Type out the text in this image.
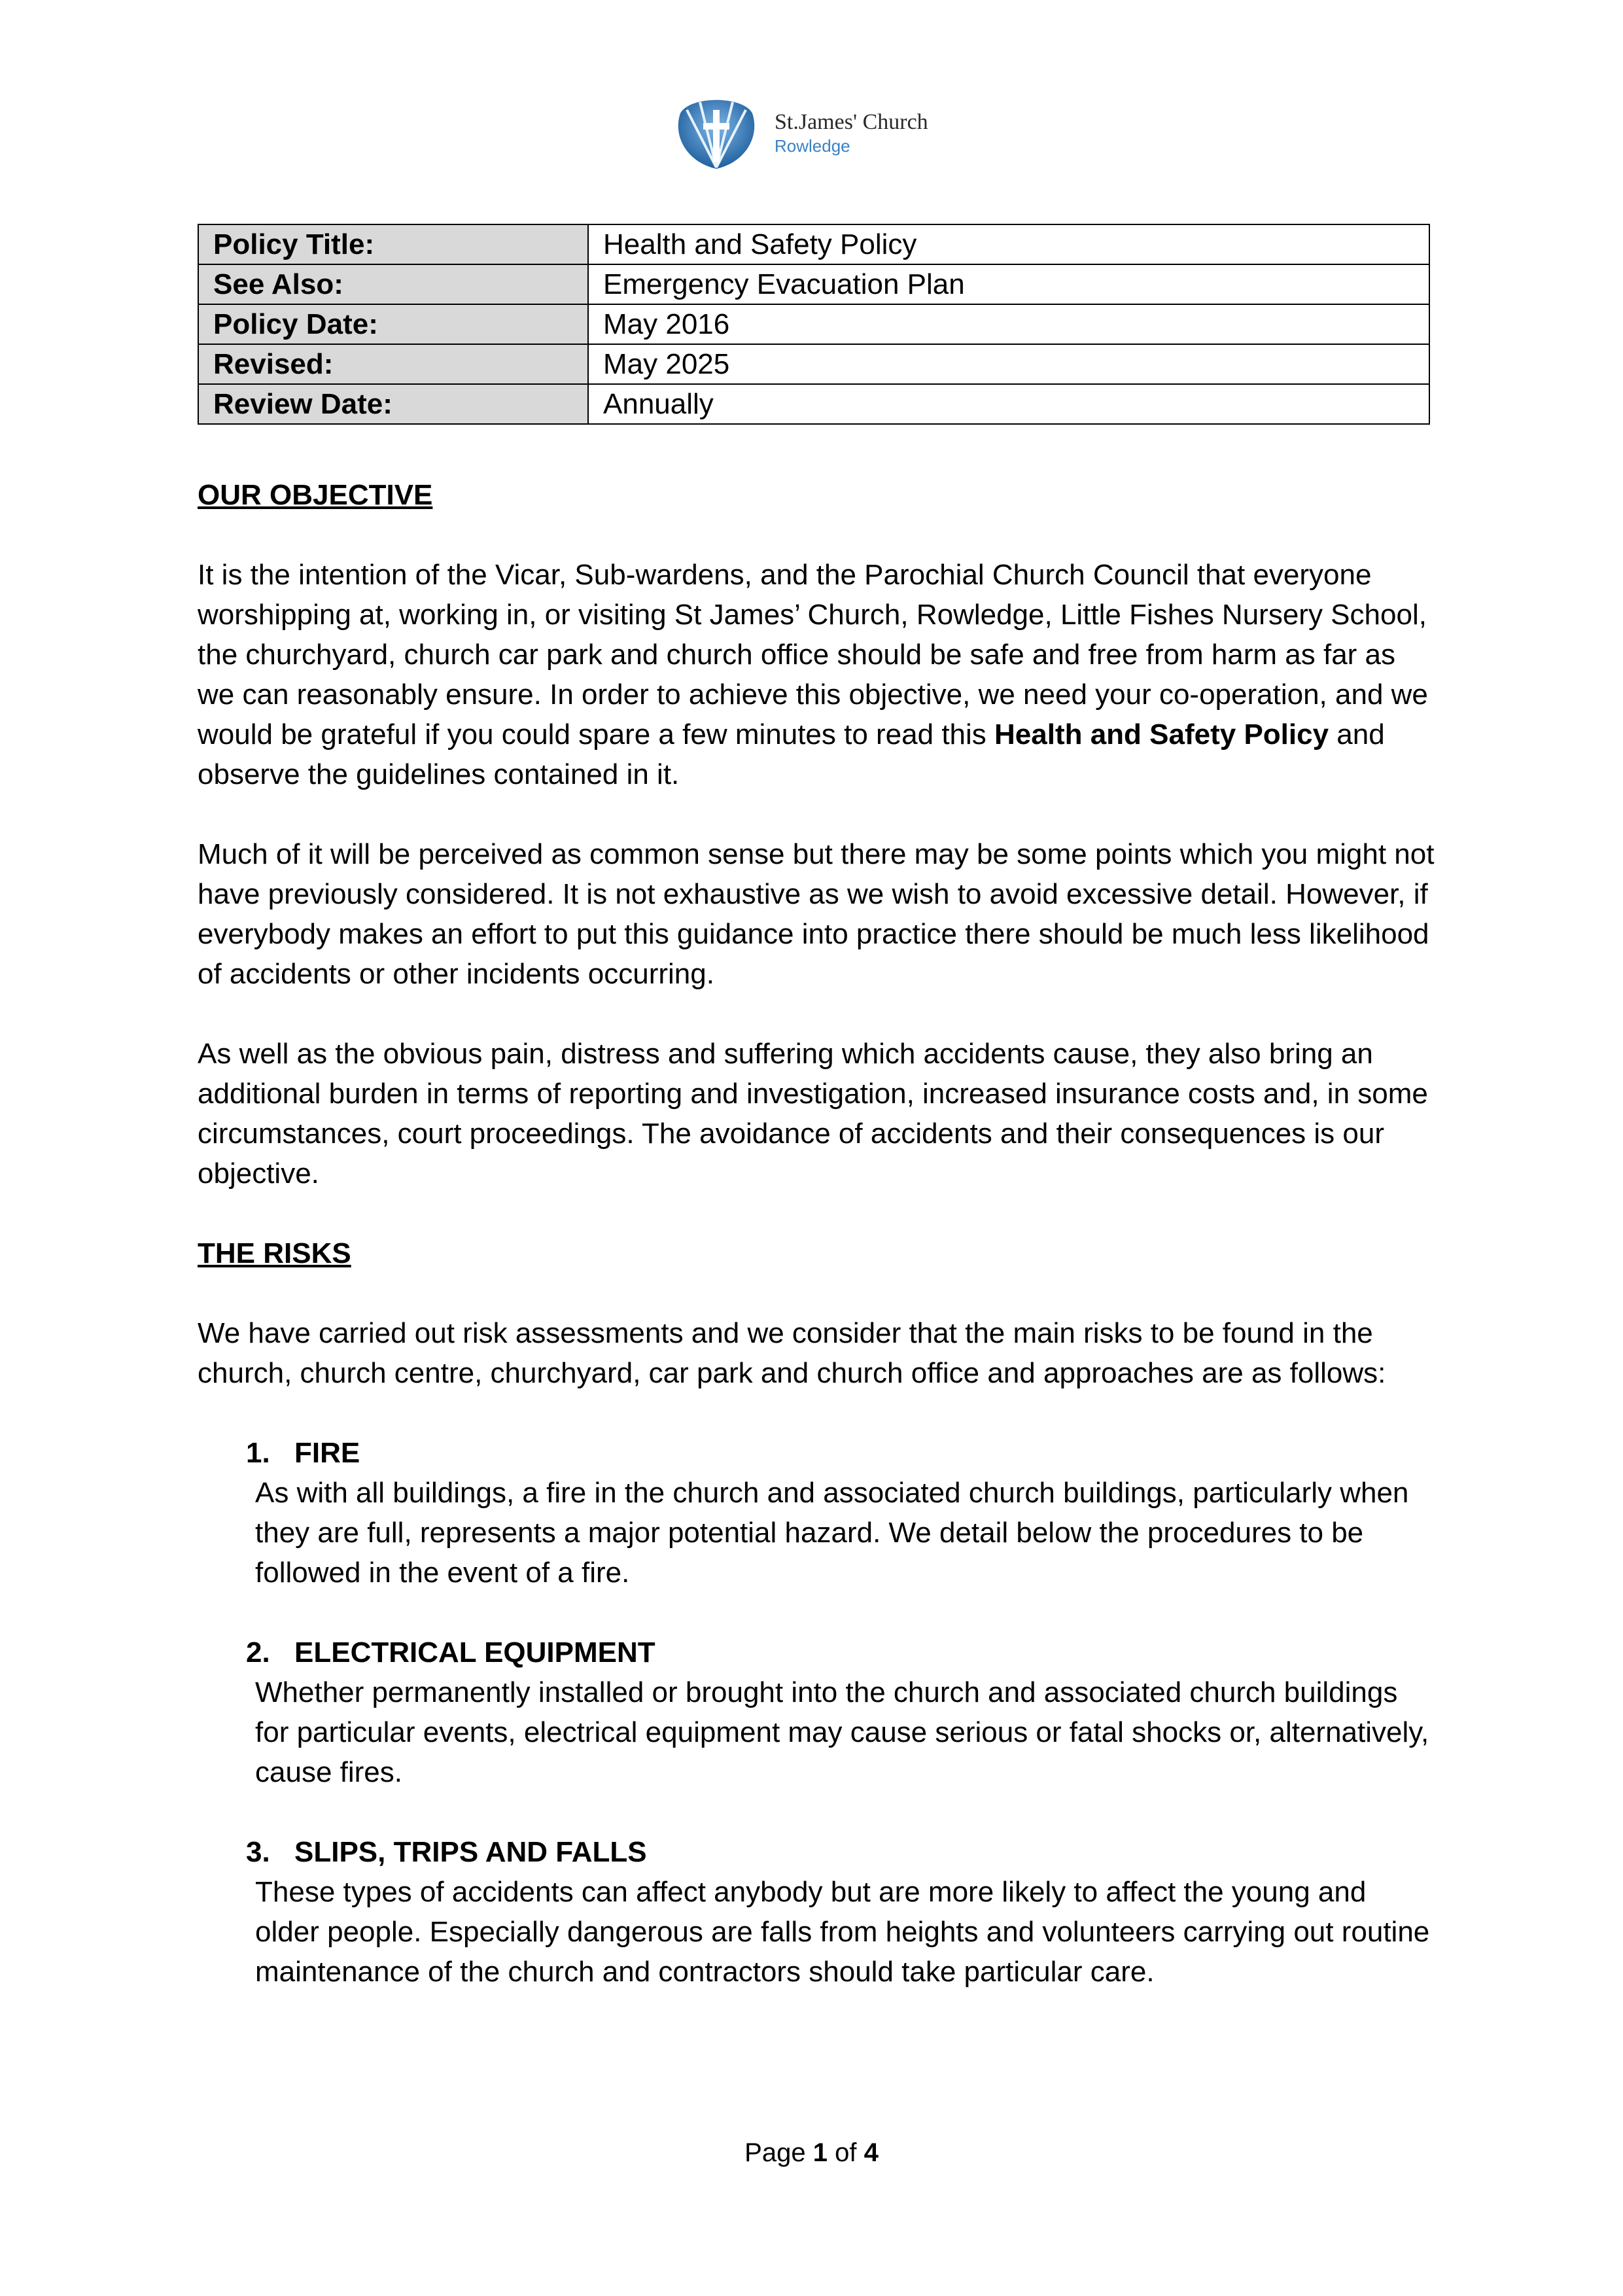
St.James' Church
Rowledge
Policy Title:	Health and Safety Policy
See Also:	Emergency Evacuation Plan
Policy Date:	May 2016
Revised:	May 2025
Review Date:	Annually

OUR OBJECTIVE

It is the intention of the Vicar, Sub-wardens, and the Parochial Church Council that everyone worshipping at, working in, or visiting St James’ Church, Rowledge, Little Fishes Nursery School, the churchyard, church car park and church office should be safe and free from harm as far as we can reasonably ensure. In order to achieve this objective, we need your co-operation, and we would be grateful if you could spare a few minutes to read this Health and Safety Policy and observe the guidelines contained in it.

Much of it will be perceived as common sense but there may be some points which you might not have previously considered. It is not exhaustive as we wish to avoid excessive detail. However, if everybody makes an effort to put this guidance into practice there should be much less likelihood of accidents or other incidents occurring.

As well as the obvious pain, distress and suffering which accidents cause, they also bring an additional burden in terms of reporting and investigation, increased insurance costs and, in some circumstances, court proceedings. The avoidance of accidents and their consequences is our objective.

THE RISKS

We have carried out risk assessments and we consider that the main risks to be found in the church, church centre, churchyard, car park and church office and approaches are as follows:

1. FIRE

As with all buildings, a fire in the church and associated church buildings, particularly when they are full, represents a major potential hazard. We detail below the procedures to be followed in the event of a fire.

2. ELECTRICAL EQUIPMENT

Whether permanently installed or brought into the church and associated church buildings for particular events, electrical equipment may cause serious or fatal shocks or, alternatively, cause fires.

3. SLIPS, TRIPS AND FALLS

These types of accidents can affect anybody but are more likely to affect the young and older people. Especially dangerous are falls from heights and volunteers carrying out routine maintenance of the church and contractors should take particular care.

Page 1 of 4
